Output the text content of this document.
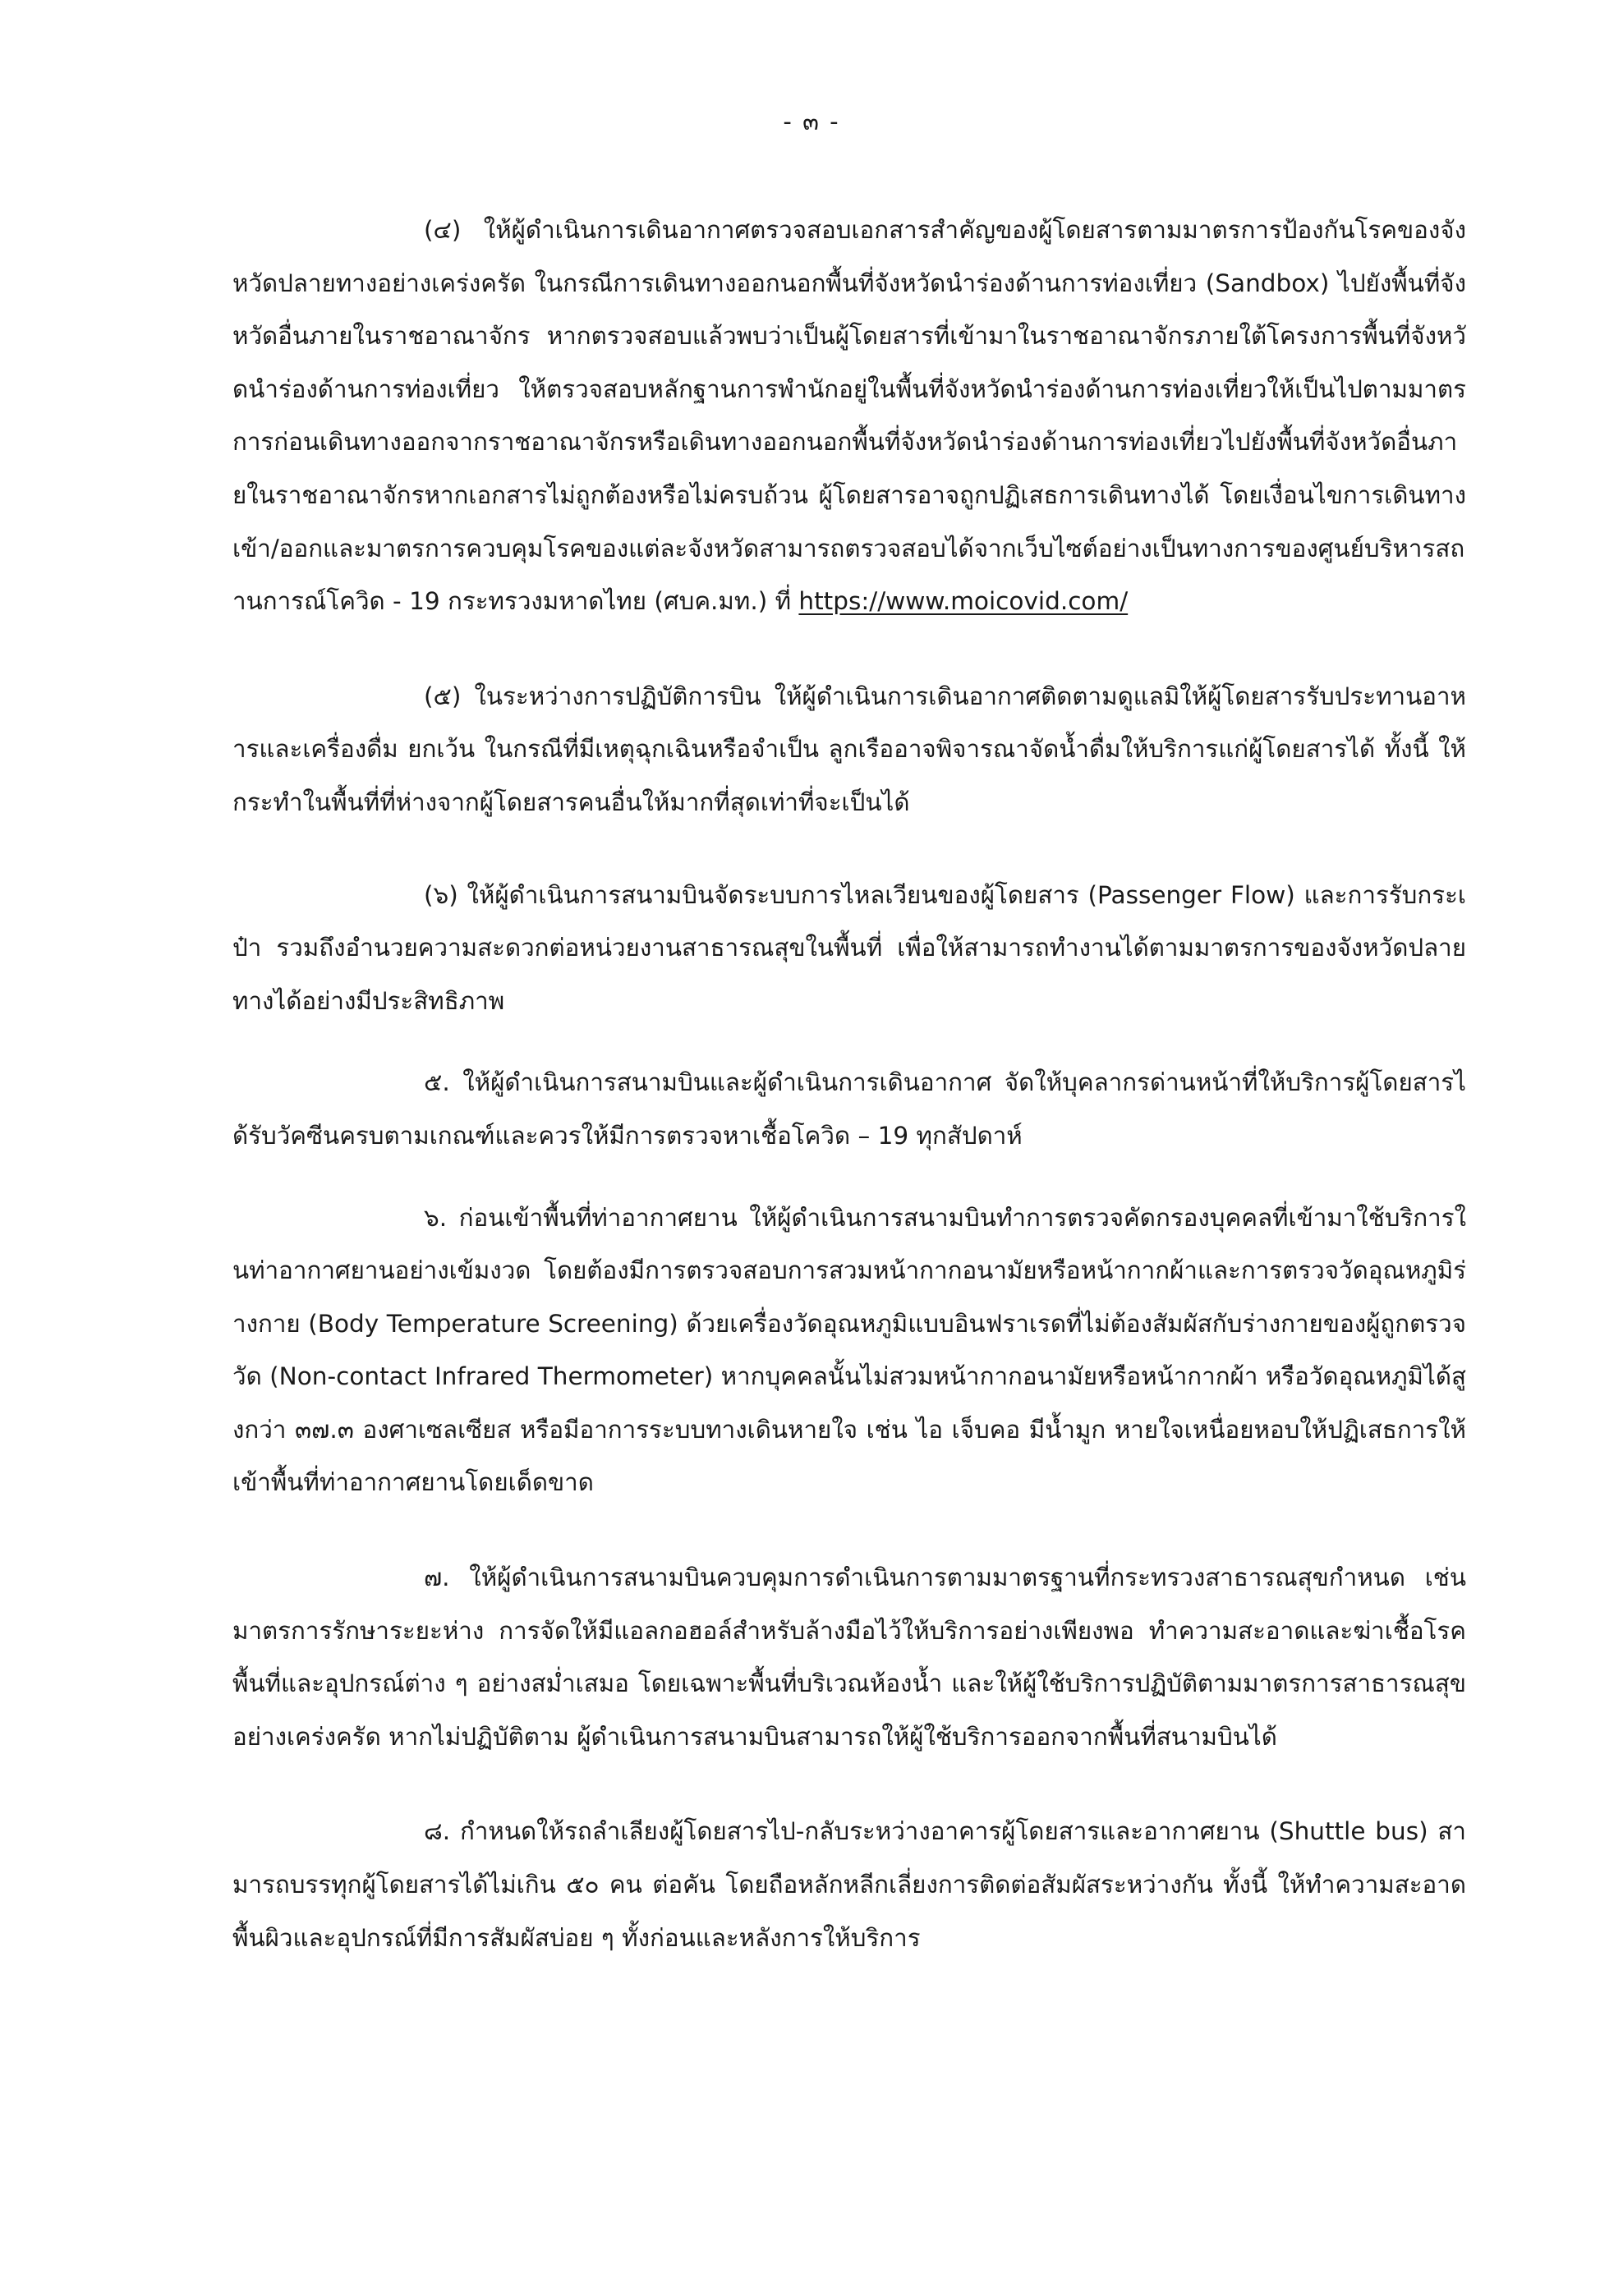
- ๓ -

(๔) ให้ผู้ดำเนินการเดินอากาศตรวจสอบเอกสารสำคัญของผู้โดยสารตามมาตรการป้องกันโรคของจังหวัดปลายทางอย่างเคร่งครัด ในกรณีการเดินทางออกนอกพื้นที่จังหวัดนำร่องด้านการท่องเที่ยว (Sandbox) ไปยังพื้นที่จังหวัดอื่นภายในราชอาณาจักร หากตรวจสอบแล้วพบว่าเป็นผู้โดยสารที่เข้ามาในราชอาณาจักรภายใต้โครงการพื้นที่จังหวัดนำร่องด้านการท่องเที่ยว ให้ตรวจสอบหลักฐานการพำนักอยู่ในพื้นที่จังหวัดนำร่องด้านการท่องเที่ยวให้เป็นไปตามมาตรการก่อนเดินทางออกจากราชอาณาจักรหรือเดินทางออกนอกพื้นที่จังหวัดนำร่องด้านการท่องเที่ยวไปยังพื้นที่จังหวัดอื่นภายในราชอาณาจักรหากเอกสารไม่ถูกต้องหรือไม่ครบถ้วน ผู้โดยสารอาจถูกปฏิเสธการเดินทางได้ โดยเงื่อนไขการเดินทางเข้า/ออกและมาตรการควบคุมโรคของแต่ละจังหวัดสามารถตรวจสอบได้จากเว็บไซต์อย่างเป็นทางการของศูนย์บริหารสถานการณ์โควิด - 19 กระทรวงมหาดไทย (ศบค.มท.) ที่ https://www.moicovid.com/

(๕) ในระหว่างการปฏิบัติการบิน ให้ผู้ดำเนินการเดินอากาศติดตามดูแลมิให้ผู้โดยสารรับประทานอาหารและเครื่องดื่ม ยกเว้น ในกรณีที่มีเหตุฉุกเฉินหรือจำเป็น ลูกเรืออาจพิจารณาจัดน้ำดื่มให้บริการแก่ผู้โดยสารได้ ทั้งนี้ ให้กระทำในพื้นที่ที่ห่างจากผู้โดยสารคนอื่นให้มากที่สุดเท่าที่จะเป็นได้

(๖) ให้ผู้ดำเนินการสนามบินจัดระบบการไหลเวียนของผู้โดยสาร (Passenger Flow) และการรับกระเป๋า รวมถึงอำนวยความสะดวกต่อหน่วยงานสาธารณสุขในพื้นที่ เพื่อให้สามารถทำงานได้ตามมาตรการของจังหวัดปลายทางได้อย่างมีประสิทธิภาพ

๕. ให้ผู้ดำเนินการสนามบินและผู้ดำเนินการเดินอากาศ จัดให้บุคลากรด่านหน้าที่ให้บริการผู้โดยสารได้รับวัคซีนครบตามเกณฑ์และควรให้มีการตรวจหาเชื้อโควิด – 19 ทุกสัปดาห์

๖. ก่อนเข้าพื้นที่ท่าอากาศยาน ให้ผู้ดำเนินการสนามบินทำการตรวจคัดกรองบุคคลที่เข้ามาใช้บริการในท่าอากาศยานอย่างเข้มงวด โดยต้องมีการตรวจสอบการสวมหน้ากากอนามัยหรือหน้ากากผ้าและการตรวจวัดอุณหภูมิร่างกาย (Body Temperature Screening) ด้วยเครื่องวัดอุณหภูมิแบบอินฟราเรดที่ไม่ต้องสัมผัสกับร่างกายของผู้ถูกตรวจวัด (Non-contact Infrared Thermometer) หากบุคคลนั้นไม่สวมหน้ากากอนามัยหรือหน้ากากผ้า หรือวัดอุณหภูมิได้สูงกว่า ๓๗.๓ องศาเซลเซียส หรือมีอาการระบบทางเดินหายใจ เช่น ไอ เจ็บคอ มีน้ำมูก หายใจเหนื่อยหอบให้ปฏิเสธการให้เข้าพื้นที่ท่าอากาศยานโดยเด็ดขาด

๗. ให้ผู้ดำเนินการสนามบินควบคุมการดำเนินการตามมาตรฐานที่กระทรวงสาธารณสุขกำหนด เช่น มาตรการรักษาระยะห่าง การจัดให้มีแอลกอฮอล์สำหรับล้างมือไว้ให้บริการอย่างเพียงพอ ทำความสะอาดและฆ่าเชื้อโรคพื้นที่และอุปกรณ์ต่าง ๆ อย่างสม่ำเสมอ โดยเฉพาะพื้นที่บริเวณห้องน้ำ และให้ผู้ใช้บริการปฏิบัติตามมาตรการสาธารณสุขอย่างเคร่งครัด หากไม่ปฏิบัติตาม ผู้ดำเนินการสนามบินสามารถให้ผู้ใช้บริการออกจากพื้นที่สนามบินได้

๘. กำหนดให้รถลำเลียงผู้โดยสารไป-กลับระหว่างอาคารผู้โดยสารและอากาศยาน (Shuttle bus) สามารถบรรทุกผู้โดยสารได้ไม่เกิน ๕๐ คน ต่อคัน โดยถือหลักหลีกเลี่ยงการติดต่อสัมผัสระหว่างกัน ทั้งนี้ ให้ทำความสะอาดพื้นผิวและอุปกรณ์ที่มีการสัมผัสบ่อย ๆ ทั้งก่อนและหลังการให้บริการ
